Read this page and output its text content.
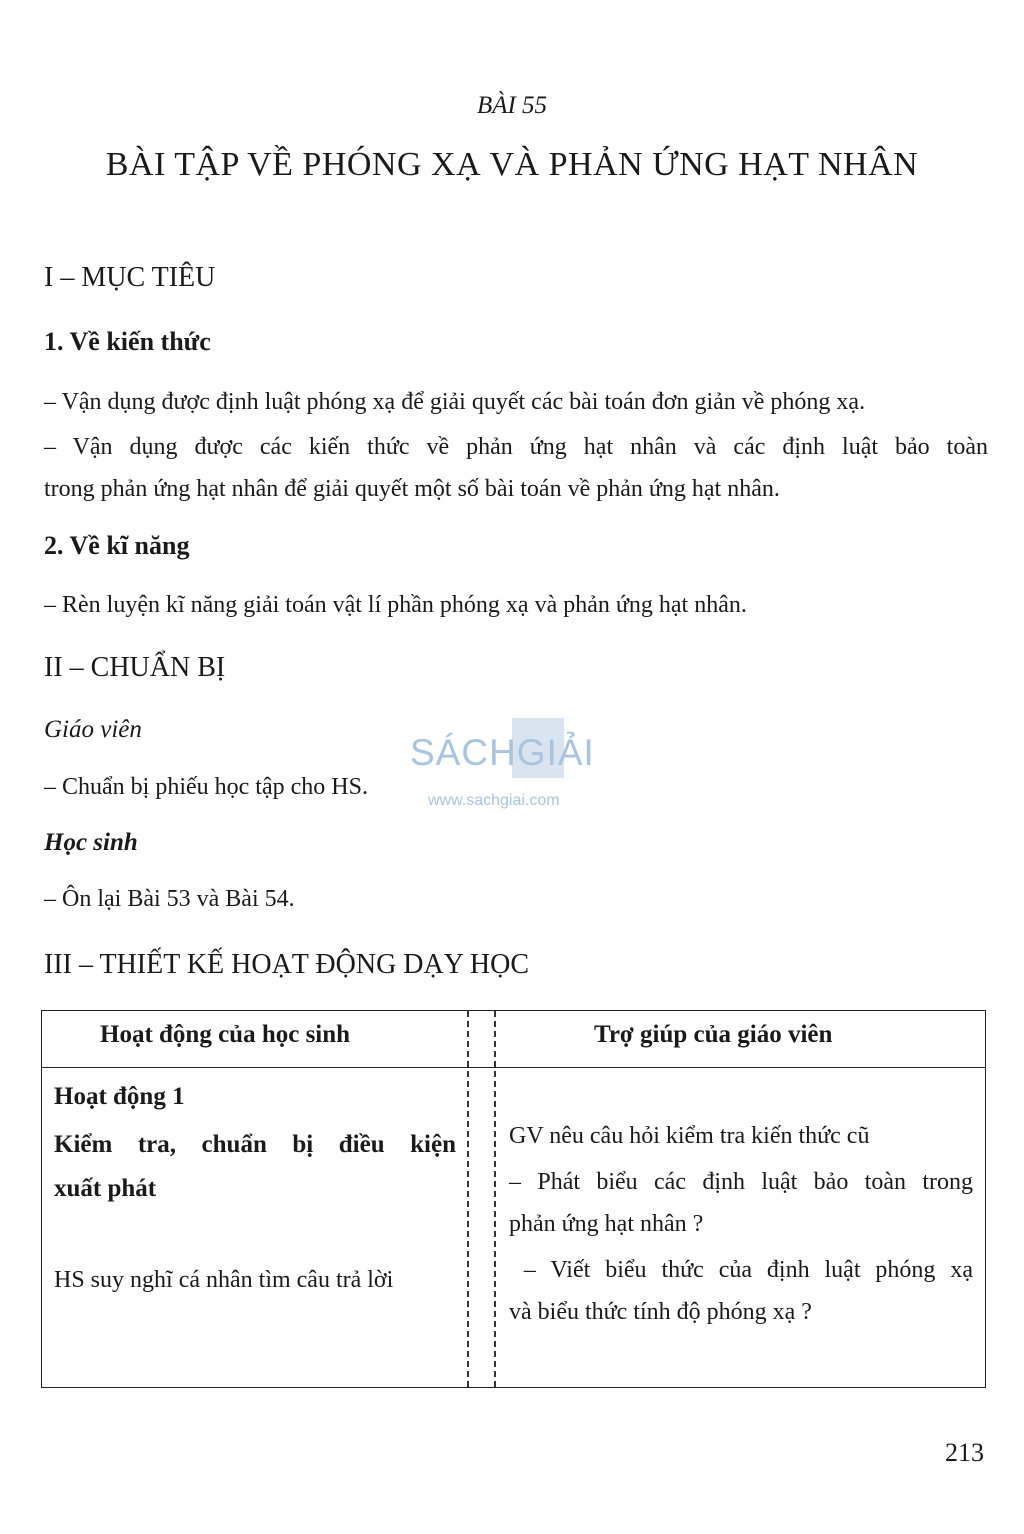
BÀI 55
BÀI TẬP VỀ PHÓNG XẠ VÀ PHẢN ỨNG HẠT NHÂN
I – MỤC TIÊU
1. Về kiến thức
– Vận dụng được định luật phóng xạ để giải quyết các bài toán đơn giản về phóng xạ.
– Vận dụng được các kiến thức về phản ứng hạt nhân và các định luật bảo toàn
trong phản ứng hạt nhân để giải quyết một số bài toán về phản ứng hạt nhân.
2. Về kĩ năng
– Rèn luyện kĩ năng giải toán vật lí phần phóng xạ và phản ứng hạt nhân.
II – CHUẨN BỊ
Giáo viên
– Chuẩn bị phiếu học tập cho HS.
Học sinh
– Ôn lại Bài 53 và Bài 54.
SÁCHGIẢI
www.sachgiai.com
III – THIẾT KẾ HOẠT ĐỘNG DẠY HỌC
Hoạt động của học sinh	Trợ giúp của giáo viên
Hoạt động 1
Kiểm tra, chuẩn bị điều kiện
xuất phát
HS suy nghĩ cá nhân tìm câu trả lời
GV nêu câu hỏi kiểm tra kiến thức cũ
– Phát biểu các định luật bảo toàn trong
phản ứng hạt nhân ?
– Viết biểu thức của định luật phóng xạ
và biểu thức tính độ phóng xạ ?
213
